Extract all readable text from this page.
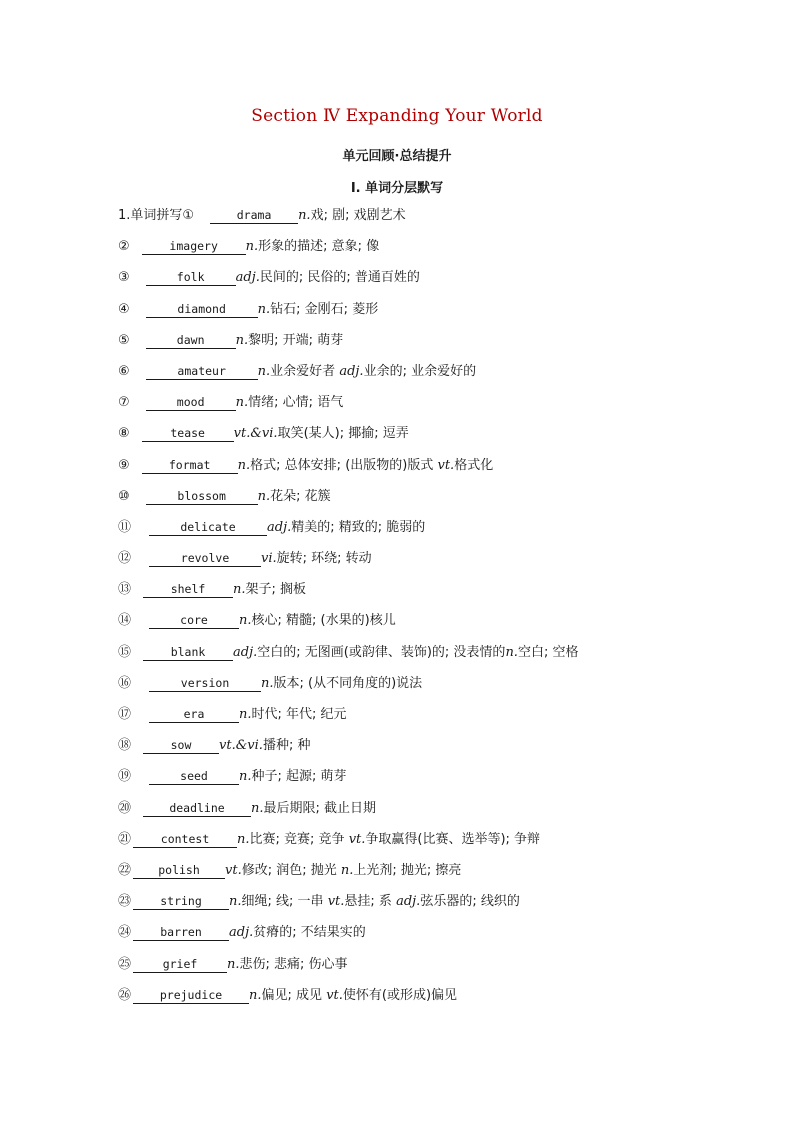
Section Ⅳ Expanding Your World
单元回顾·总结提升
Ⅰ. 单词分层默写
1.单词拼写①	drama n.戏; 剧; 戏剧艺术
②	imagery n.形象的描述; 意象; 像
③	folk adj.民间的; 民俗的; 普通百姓的
④	diamond n.钻石; 金刚石; 菱形
⑤	dawn n.黎明; 开端; 萌芽
⑥	amateur n.业余爱好者 adj.业余的; 业余爱好的
⑦	mood n.情绪; 心情; 语气
⑧	tease vt.&vi.取笑(某人); 揶揄; 逗弄
⑨	format n.格式; 总体安排; (出版物的)版式 vt.格式化
⑩	blossom n.花朵; 花簇
⑪	delicate adj.精美的; 精致的; 脆弱的
⑫	revolve vi.旋转; 环绕; 转动
⑬	shelf n.架子; 搁板
⑭	core n.核心; 精髓; (水果的)核儿
⑮	blank adj.空白的; 无图画(或韵律、装饰)的; 没表情的n.空白; 空格
⑯	version n.版本; (从不同角度的)说法
⑰	era	n.时代; 年代; 纪元
⑱	sow vt.&vi.播种; 种
⑲	seed n.种子; 起源; 萌芽
⑳	deadline n.最后期限; 截止日期
㉑	contest n.比赛; 竞赛; 竞争 vt.争取赢得(比赛、选举等); 争辩
㉒ polish vt.修改; 润色; 抛光 n.上光剂; 抛光; 擦亮
㉓	string n.细绳; 线; 一串 vt.悬挂; 系 adj.弦乐器的; 线织的
㉔	barren adj.贫瘠的; 不结果实的
㉕	grief n.悲伤; 悲痛; 伤心事
㉖	prejudice n.偏见; 成见 vt.使怀有(或形成)偏见
